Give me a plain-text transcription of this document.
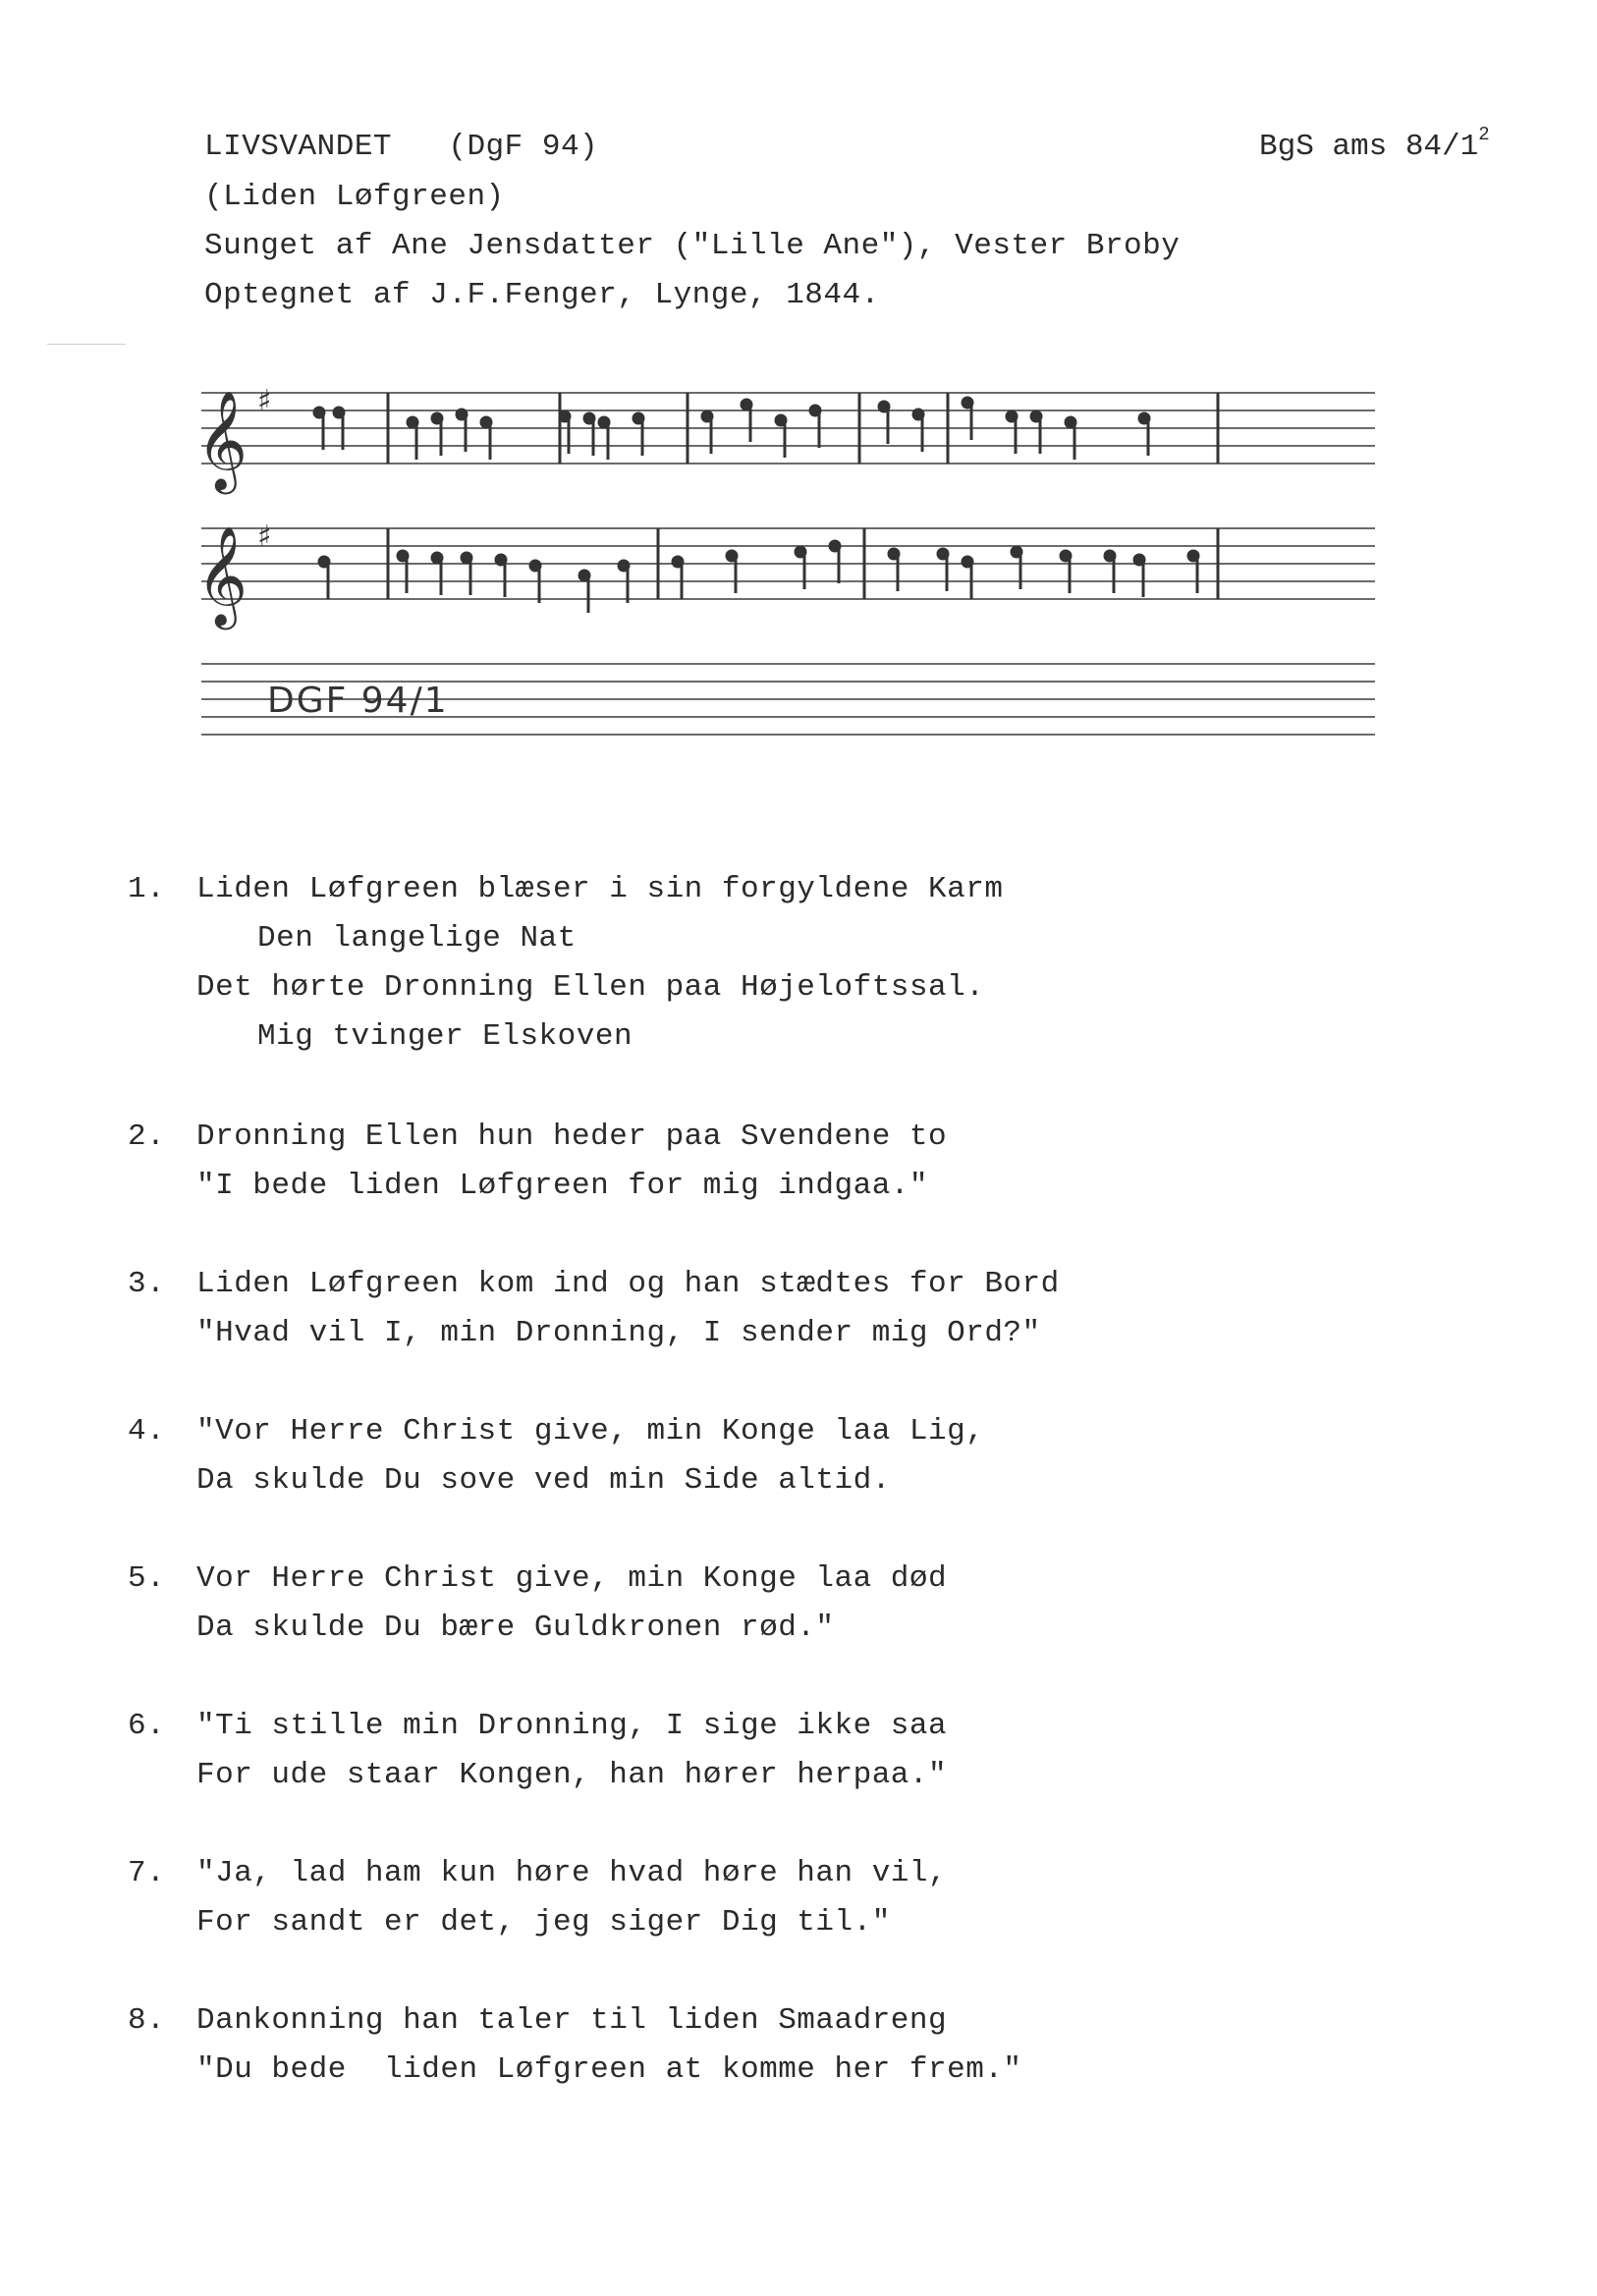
LIVSVANDET   (DgF 94)	BgS ams $84/1^2$
(Liden Løfgreen)
Sunget af Ane Jensdatter ("Lille Ane"), Vester Broby
Optegnet af J.F.Fenger, Lynge, 1844.
𝄞 ♯
𝄞 ♯
DGF 94/1
1. Liden Løfgreen blæser i sin forgyldene Karm
Den langelige Nat
Det hørte Dronning Ellen paa Højeloftssal.
Mig tvinger Elskoven
2. Dronning Ellen hun heder paa Svendene to
"I bede liden Løfgreen for mig indgaa."
3. Liden Løfgreen kom ind og han stædtes for Bord
"Hvad vil I, min Dronning, I sender mig Ord?"
4. "Vor Herre Christ give, min Konge laa Lig,
Da skulde Du sove ved min Side altid.
5. Vor Herre Christ give, min Konge laa død
Da skulde Du bære Guldkronen rød."
6. "Ti stille min Dronning, I sige ikke saa
For ude staar Kongen, han hører herpaa."
7. "Ja, lad ham kun høre hvad høre han vil,
For sandt er det, jeg siger Dig til."
8. Dankonning han taler til liden Smaadreng
"Du bede  liden Løfgreen at komme her frem."
